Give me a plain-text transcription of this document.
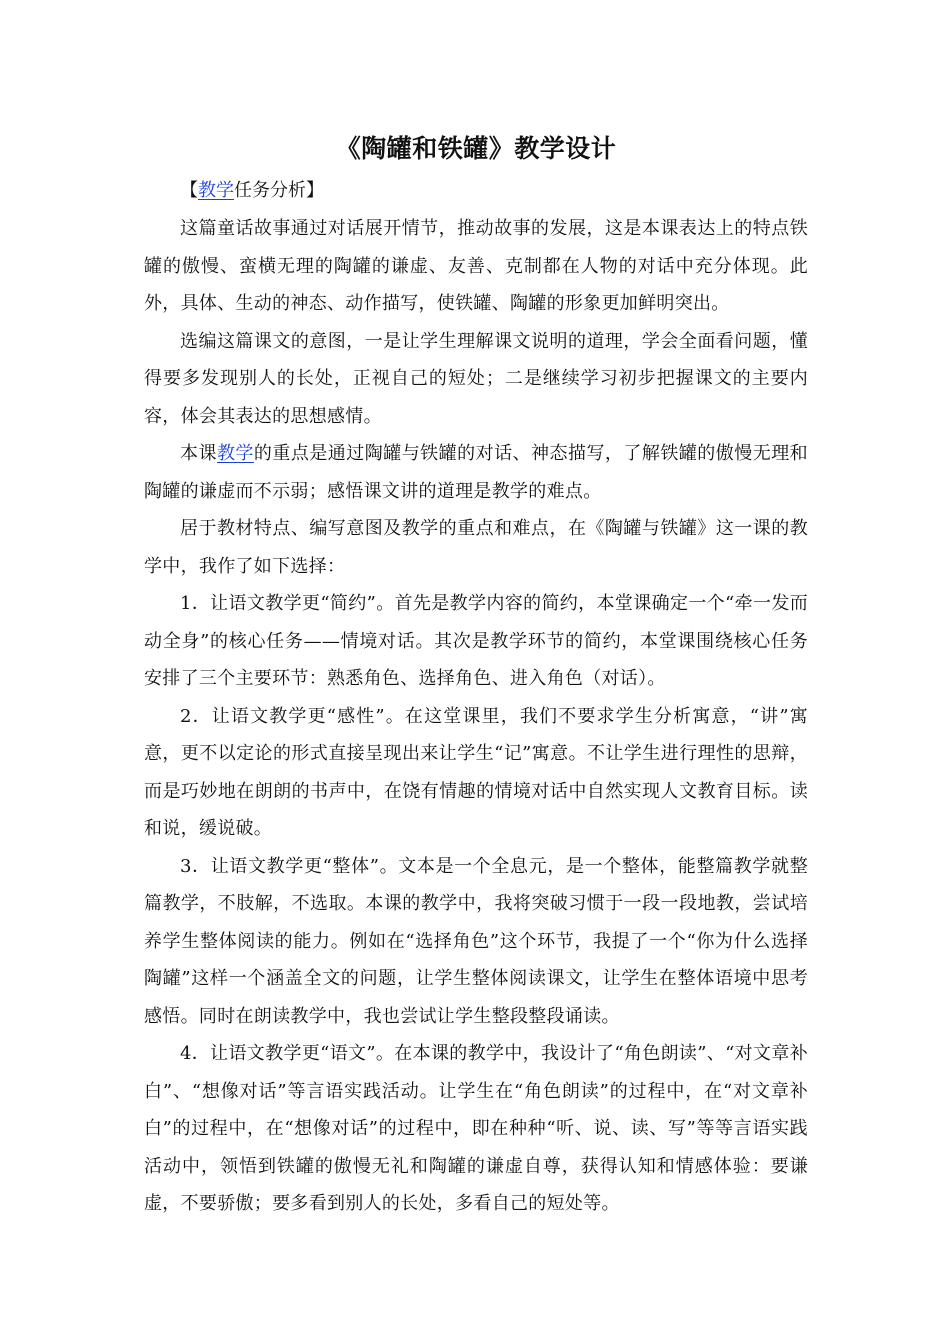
《陶罐和铁罐》教学设计

【教学任务分析】

这篇童话故事通过对话展开情节，推动故事的发展，这是本课表达上的特点铁罐的傲慢、蛮横无理的陶罐的谦虚、友善、克制都在人物的对话中充分体现。此外，具体、生动的神态、动作描写，使铁罐、陶罐的形象更加鲜明突出。

选编这篇课文的意图，一是让学生理解课文说明的道理，学会全面看问题，懂得要多发现别人的长处，正视自己的短处；二是继续学习初步把握课文的主要内容，体会其表达的思想感情。

本课教学的重点是通过陶罐与铁罐的对话、神态描写，了解铁罐的傲慢无理和陶罐的谦虚而不示弱；感悟课文讲的道理是教学的难点。

居于教材特点、编写意图及教学的重点和难点，在《陶罐与铁罐》这一课的教学中，我作了如下选择：

1．让语文教学更“简约”。首先是教学内容的简约，本堂课确定一个“牵一发而动全身”的核心任务——情境对话。其次是教学环节的简约，本堂课围绕核心任务安排了三个主要环节：熟悉角色、选择角色、进入角色（对话）。

2．让语文教学更“感性”。在这堂课里，我们不要求学生分析寓意，“讲”寓意，更不以定论的形式直接呈现出来让学生“记”寓意。不让学生进行理性的思辩，而是巧妙地在朗朗的书声中，在饶有情趣的情境对话中自然实现人文教育目标。读和说，缓说破。

3．让语文教学更“整体”。文本是一个全息元，是一个整体，能整篇教学就整篇教学，不肢解，不选取。本课的教学中，我将突破习惯于一段一段地教，尝试培养学生整体阅读的能力。例如在“选择角色”这个环节，我提了一个“你为什么选择陶罐”这样一个涵盖全文的问题，让学生整体阅读课文，让学生在整体语境中思考感悟。同时在朗读教学中，我也尝试让学生整段整段诵读。

4．让语文教学更“语文”。在本课的教学中，我设计了“角色朗读”、“对文章补白”、“想像对话”等言语实践活动。让学生在“角色朗读”的过程中，在“对文章补白”的过程中，在“想像对话”的过程中，即在种种“听、说、读、写”等等言语实践活动中，领悟到铁罐的傲慢无礼和陶罐的谦虚自尊，获得认知和情感体验：要谦虚，不要骄傲；要多看到别人的长处，多看自己的短处等。
